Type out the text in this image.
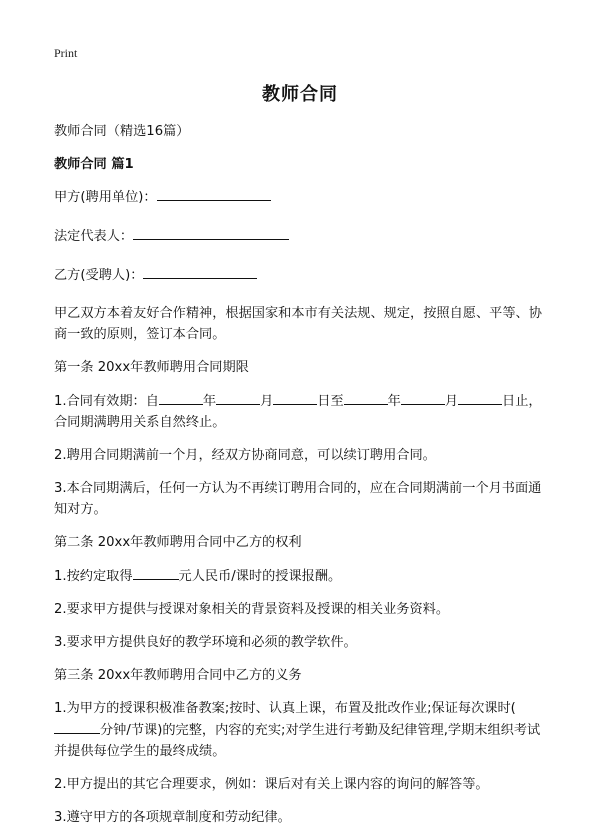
Print
教师合同

教师合同（精选16篇）

教师合同 篇1

甲方(聘用单位)：

法定代表人：

乙方(受聘人)：

甲乙双方本着友好合作精神，根据国家和本市有关法规、规定，按照自愿、平等、协商一致的原则，签订本合同。

第一条 20xx年教师聘用合同期限

1.合同有效期：自	年	月	日至	年	月	日止，合同期满聘用关系自然终止。

2.聘用合同期满前一个月，经双方协商同意，可以续订聘用合同。

3.本合同期满后，任何一方认为不再续订聘用合同的，应在合同期满前一个月书面通知对方。

第二条 20xx年教师聘用合同中乙方的权利

1.按约定取得	元人民币/课时的授课报酬。

2.要求甲方提供与授课对象相关的背景资料及授课的相关业务资料。

3.要求甲方提供良好的教学环境和必须的教学软件。

第三条 20xx年教师聘用合同中乙方的义务

1.为甲方的授课积极准备教案;按时、认真上课，布置及批改作业;保证每次课时(分钟/节课)的完整，内容的充实;对学生进行考勤及纪律管理,学期末组织考试并提供每位学生的最终成绩。

2.甲方提出的其它合理要求，例如：课后对有关上课内容的询问的解答等。

3.遵守甲方的各项规章制度和劳动纪律。
